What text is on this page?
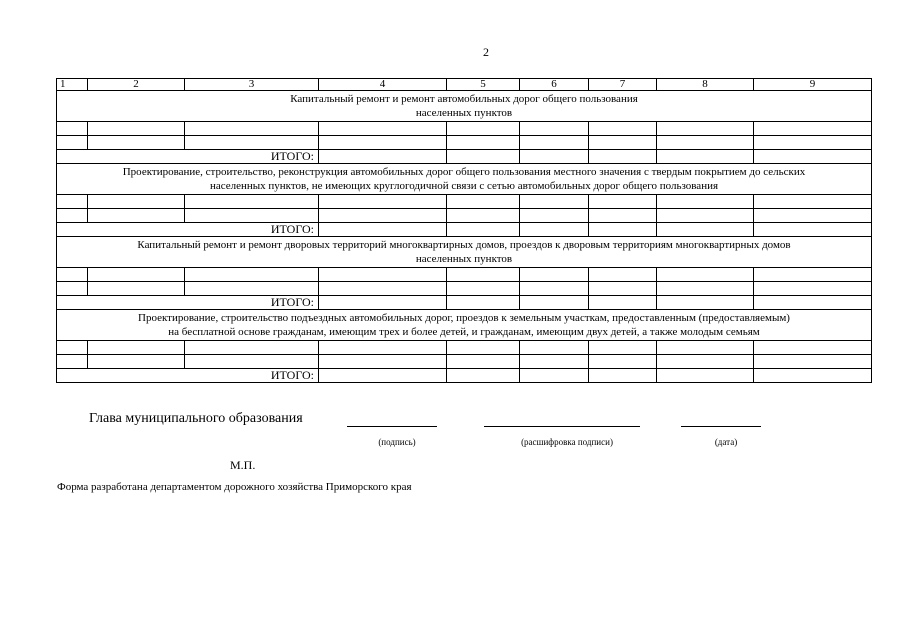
2
1	2	3	4	5	6	7	8	9

Капитальный ремонт и ремонт автомобильных дорог общего пользования
населенных пунктов								

ИТОГО:								

Проектирование, строительство, реконструкция автомобильных дорог общего пользования местного значения с твердым покрытием до сельских
населенных пунктов, не имеющих круглогодичной связи с сетью автомобильных дорог общего пользования								

ИТОГО:								

Капитальный ремонт и ремонт дворовых территорий многоквартирных домов, проездов к дворовым территориям многоквартирных домов
населенных пунктов								

ИТОГО:								

Проектирование, строительство подъездных автомобильных дорог, проездов к земельным участкам, предоставленным (предоставляемым)
на бесплатной основе гражданам, имеющим трех и более детей, и гражданам, имеющим двух детей, а также молодым семьям								

ИТОГО:								
Глава муниципального образования
(подпись)	(расшифровка подписи)	(дата)
М.П.
Форма разработана департаментом дорожного хозяйства Приморского края
